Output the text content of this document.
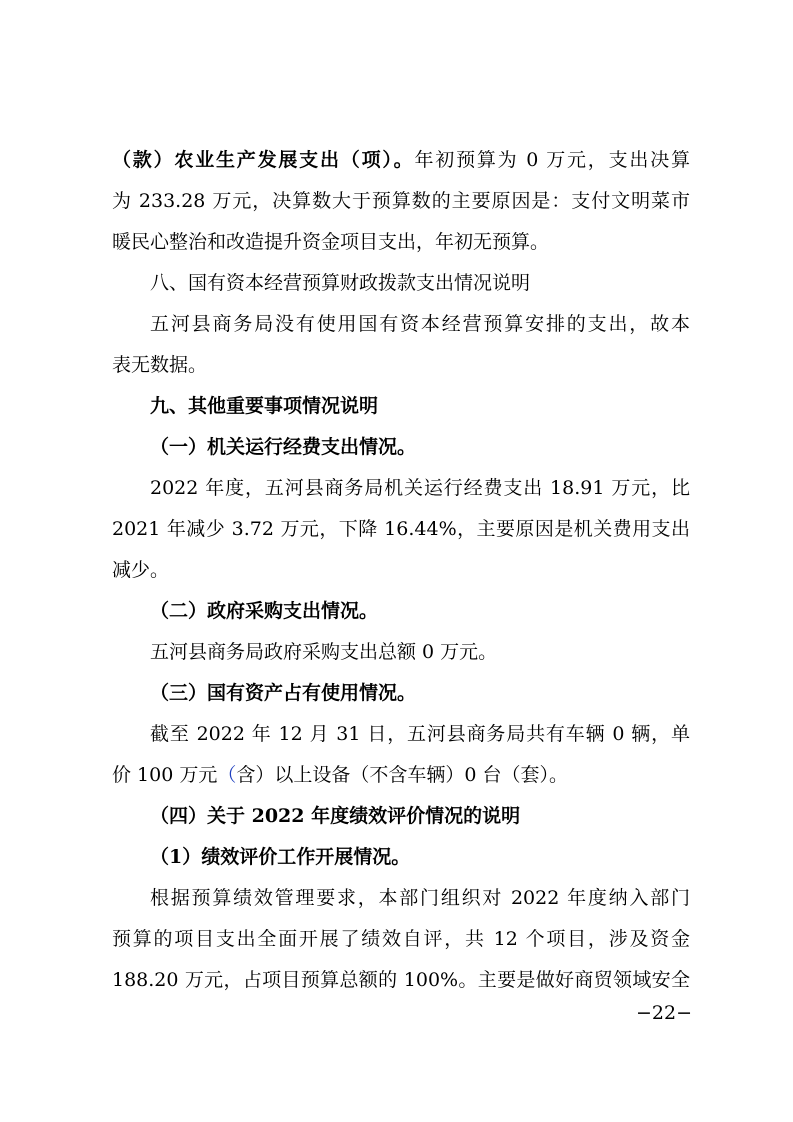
（款）农业生产发展支出（项）。年初预算为 0 万元，支出决算
为 233.28 万元，决算数大于预算数的主要原因是：支付文明菜市
暖民心整治和改造提升资金项目支出，年初无预算。
八、国有资本经营预算财政拨款支出情况说明
五河县商务局没有使用国有资本经营预算安排的支出，故本
表无数据。
九、其他重要事项情况说明
（一）机关运行经费支出情况。
2022 年度，五河县商务局机关运行经费支出 18.91 万元，比
2021 年减少 3.72 万元，下降 16.44%，主要原因是机关费用支出
减少。
（二）政府采购支出情况。
五河县商务局政府采购支出总额 0 万元。
（三）国有资产占有使用情况。
截至 2022 年 12 月 31 日，五河县商务局共有车辆 0 辆，单
价 100 万元（含）以上设备（不含车辆）0 台（套）。
（四）关于 2022 年度绩效评价情况的说明
（1）绩效评价工作开展情况。
根据预算绩效管理要求，本部门组织对 2022 年度纳入部门
预算的项目支出全面开展了绩效自评，共 12 个项目，涉及资金
188.20 万元，占项目预算总额的 100%。主要是做好商贸领域安全
−22−
